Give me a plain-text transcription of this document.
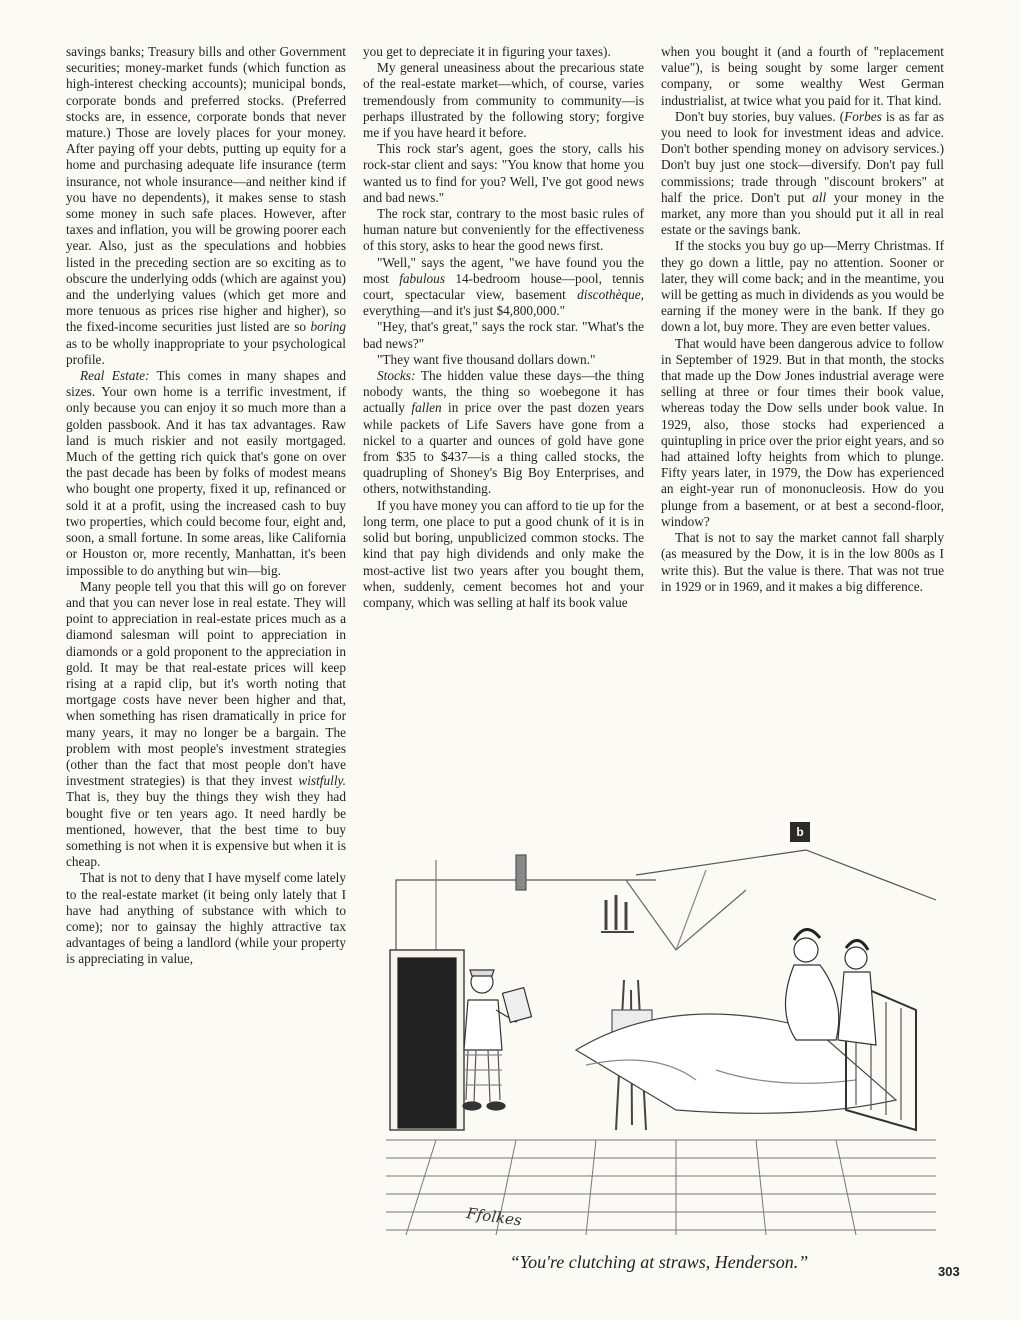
savings banks; Treasury bills and other Government securities; money-market funds (which function as high-interest checking accounts); municipal bonds, corporate bonds and preferred stocks. (Preferred stocks are, in essence, corporate bonds that never mature.) Those are lovely places for your money. After paying off your debts, putting up equity for a home and purchasing adequate life insurance (term insurance, not whole insurance—and neither kind if you have no dependents), it makes sense to stash some money in such safe places. However, after taxes and inflation, you will be growing poorer each year. Also, just as the speculations and hobbies listed in the preceding section are so exciting as to obscure the underlying odds (which are against you) and the underlying values (which get more and more tenuous as prices rise higher and higher), so the fixed-income securities just listed are so boring as to be wholly inappropriate to your psychological profile.

Real Estate: This comes in many shapes and sizes. Your own home is a terrific investment, if only because you can enjoy it so much more than a golden passbook. And it has tax advantages. Raw land is much riskier and not easily mortgaged. Much of the getting rich quick that's gone on over the past decade has been by folks of modest means who bought one property, fixed it up, refinanced or sold it at a profit, using the increased cash to buy two properties, which could become four, eight and, soon, a small fortune. In some areas, like California or Houston or, more recently, Manhattan, it's been impossible to do anything but win—big.

Many people tell you that this will go on forever and that you can never lose in real estate. They will point to appreciation in real-estate prices much as a diamond salesman will point to appreciation in diamonds or a gold proponent to the appreciation in gold. It may be that real-estate prices will keep rising at a rapid clip, but it's worth noting that mortgage costs have never been higher and that, when something has risen dramatically in price for many years, it may no longer be a bargain. The problem with most people's investment strategies (other than the fact that most people don't have investment strategies) is that they invest wistfully. That is, they buy the things they wish they had bought five or ten years ago. It need hardly be mentioned, however, that the best time to buy something is not when it is expensive but when it is cheap.

That is not to deny that I have myself come lately to the real-estate market (it being only lately that I have had anything of substance with which to come); nor to gainsay the highly attractive tax advantages of being a landlord (while your property is appreciating in value,

you get to depreciate it in figuring your taxes).

My general uneasiness about the precarious state of the real-estate market—which, of course, varies tremendously from community to community—is perhaps illustrated by the following story; forgive me if you have heard it before.

This rock star's agent, goes the story, calls his rock-star client and says: "You know that home you wanted us to find for you? Well, I've got good news and bad news."

The rock star, contrary to the most basic rules of human nature but conveniently for the effectiveness of this story, asks to hear the good news first.

"Well," says the agent, "we have found you the most fabulous 14-bedroom house—pool, tennis court, spectacular view, basement discothèque, everything—and it's just $4,800,000."

"Hey, that's great," says the rock star. "What's the bad news?"

"They want five thousand dollars down."

Stocks: The hidden value these days—the thing nobody wants, the thing so woebegone it has actually fallen in price over the past dozen years while packets of Life Savers have gone from a nickel to a quarter and ounces of gold have gone from $35 to $437—is a thing called stocks, the quadrupling of Shoney's Big Boy Enterprises, and others, notwithstanding.

If you have money you can afford to tie up for the long term, one place to put a good chunk of it is in solid but boring, unpublicized common stocks. The kind that pay high dividends and only make the most-active list two years after you bought them, when, suddenly, cement becomes hot and your company, which was selling at half its book value

when you bought it (and a fourth of "replacement value"), is being sought by some larger cement company, or some wealthy West German industrialist, at twice what you paid for it. That kind.

Don't buy stories, buy values. (Forbes is as far as you need to look for investment ideas and advice. Don't bother spending money on advisory services.) Don't buy just one stock—diversify. Don't pay full commissions; trade through "discount brokers" at half the price. Don't put all your money in the market, any more than you should put it all in real estate or the savings bank.

If the stocks you buy go up—Merry Christmas. If they go down a little, pay no attention. Sooner or later, they will come back; and in the meantime, you will be getting as much in dividends as you would be earning if the money were in the bank. If they go down a lot, buy more. They are even better values.

That would have been dangerous advice to follow in September of 1929. But in that month, the stocks that made up the Dow Jones industrial average were selling at three or four times their book value, whereas today the Dow sells under book value. In 1929, also, those stocks had experienced a quintupling in price over the prior eight years, and so had attained lofty heights from which to plunge. Fifty years later, in 1979, the Dow has experienced an eight-year run of mononucleosis. How do you plunge from a basement, or at best a second-floor, window?

That is not to say the market cannot fall sharply (as measured by the Dow, it is in the low 800s as I write this). But the value is there. That was not true in 1929 or in 1969, and it makes a big difference.

b
Ffolkes
“You're clutching at straws, Henderson.”	303
